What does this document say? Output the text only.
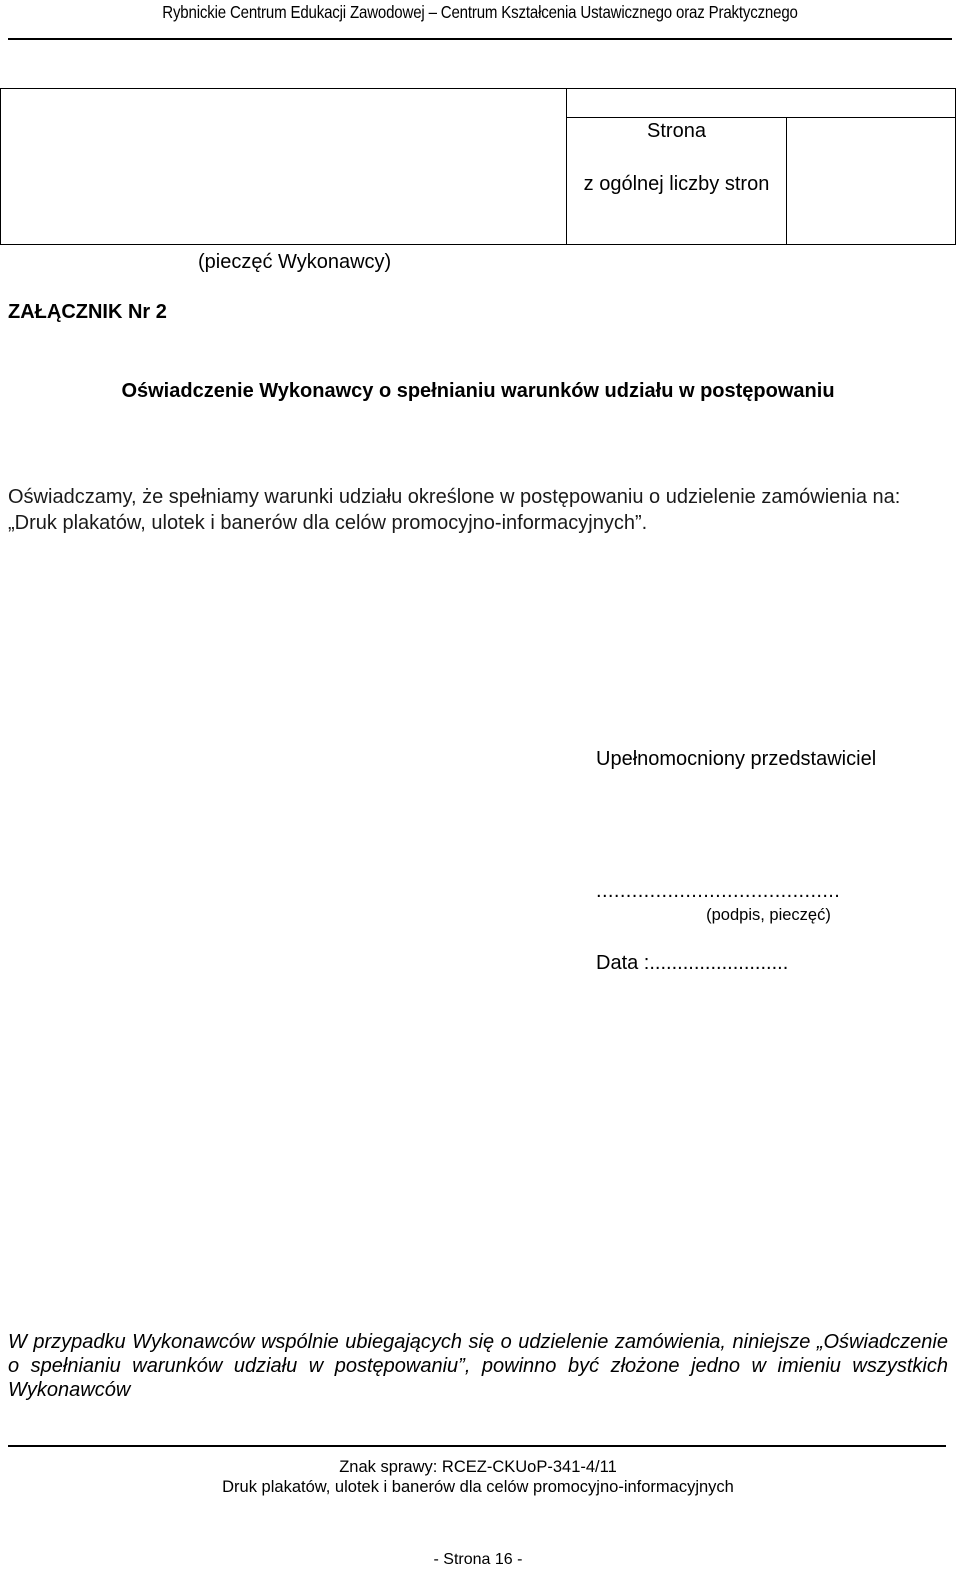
Rybnickie Centrum Edukacji Zawodowej – Centrum Kształcenia Ustawicznego oraz Praktycznego
Strona
z ogólnej liczby stron
(pieczęć Wykonawcy)
ZAŁĄCZNIK Nr 2
Oświadczenie Wykonawcy o spełnianiu warunków udziału w postępowaniu
Oświadczamy, że spełniamy warunki udziału określone w postępowaniu o udzielenie zamówienia na: „Druk plakatów, ulotek i banerów dla celów promocyjno-informacyjnych”.
Upełnomocniony przedstawiciel
.........................................
(podpis, pieczęć)
Data :.........................
W przypadku Wykonawców wspólnie ubiegających się o udzielenie zamówienia, niniejsze „Oświadczenie o spełnianiu warunków udziału w postępowaniu”, powinno być złożone jedno w imieniu wszystkich Wykonawców
Znak sprawy: RCEZ-CKUoP-341-4/11
Druk plakatów, ulotek i banerów dla celów promocyjno-informacyjnych
- Strona 16 -
